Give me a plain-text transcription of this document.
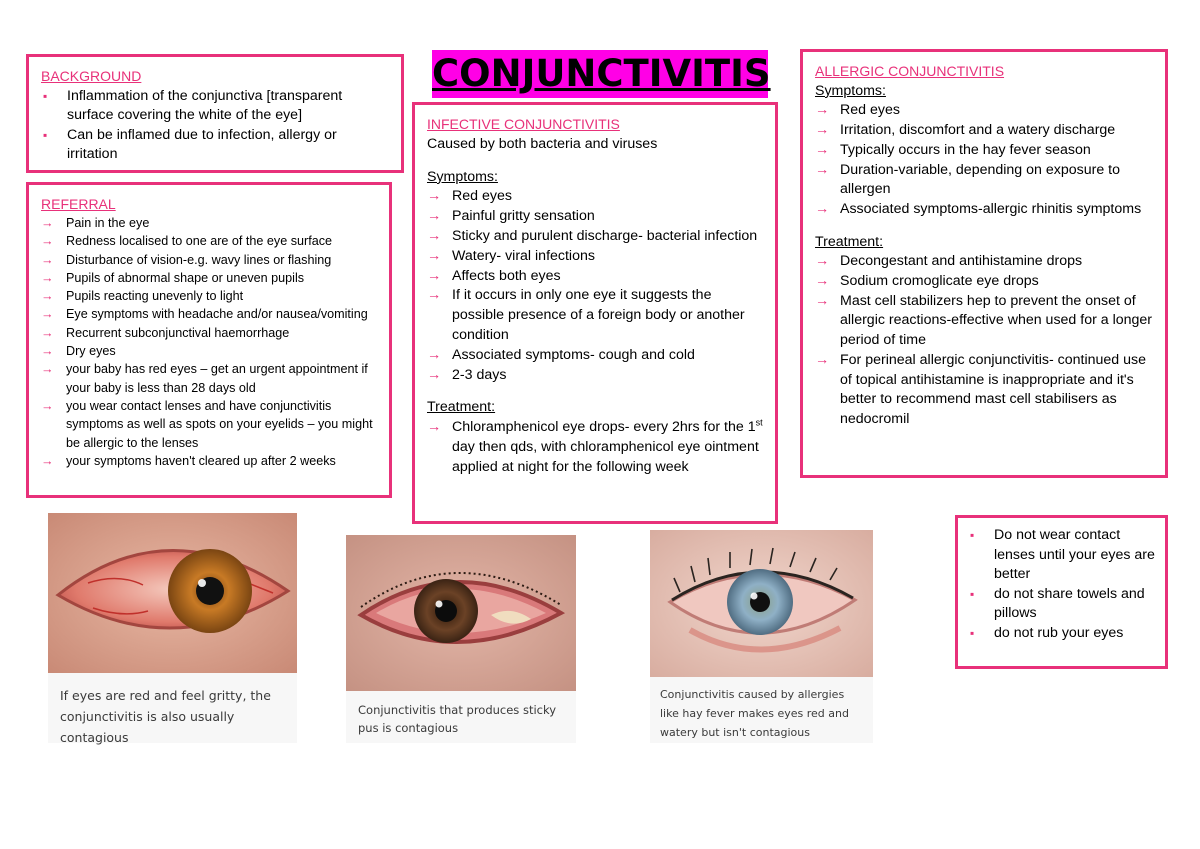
BACKGROUND
▪ Inflammation of the conjunctiva [transparent surface covering the white of the eye]
▪ Can be inflamed due to infection, allergy or irritation
REFERRAL
→ Pain in the eye
→ Redness localised to one are of the eye surface
→ Disturbance of vision-e.g. wavy lines or flashing
→ Pupils of abnormal shape or uneven pupils
→ Pupils reacting unevenly to light
→ Eye symptoms with headache and/or nausea/vomiting
→ Recurrent subconjunctival haemorrhage
→ Dry eyes
→ your baby has red eyes – get an urgent appointment if your baby is less than 28 days old
→ you wear contact lenses and have conjunctivitis symptoms as well as spots on your eyelids – you might be allergic to the lenses
→ your symptoms haven't cleared up after 2 weeks
CONJUNCTIVITIS
INFECTIVE CONJUNCTIVITIS
Caused by both bacteria and viruses
Symptoms:
→ Red eyes
→ Painful gritty sensation
→ Sticky and purulent discharge- bacterial infection
→ Watery- viral infections
→ Affects both eyes
→ If it occurs in only one eye it suggests the possible presence of a foreign body or another condition
→ Associated symptoms- cough and cold
→ 2-3 days
Treatment:
→ Chloramphenicol eye drops- every 2hrs for the 1st day then qds, with chloramphenicol eye ointment applied at night for the following week
ALLERGIC CONJUNCTIVITIS
Symptoms:
→ Red eyes
→ Irritation, discomfort and a watery discharge
→ Typically occurs in the hay fever season
→ Duration-variable, depending on exposure to allergen
→ Associated symptoms-allergic rhinitis symptoms
Treatment:
→ Decongestant and antihistamine drops
→ Sodium cromoglicate eye drops
→ Mast cell stabilizers hep to prevent the onset of allergic reactions-effective when used for a longer period of time
→ For perineal allergic conjunctivitis- continued use of topical antihistamine is inappropriate and it's better to recommend mast cell stabilisers as nedocromil
▪ Do not wear contact lenses until your eyes are better
▪ do not share towels and pillows
▪ do not rub your eyes
If eyes are red and feel gritty, the conjunctivitis is also usually contagious
Conjunctivitis that produces sticky pus is contagious
Conjunctivitis caused by allergies like hay fever makes eyes red and watery but isn't contagious
